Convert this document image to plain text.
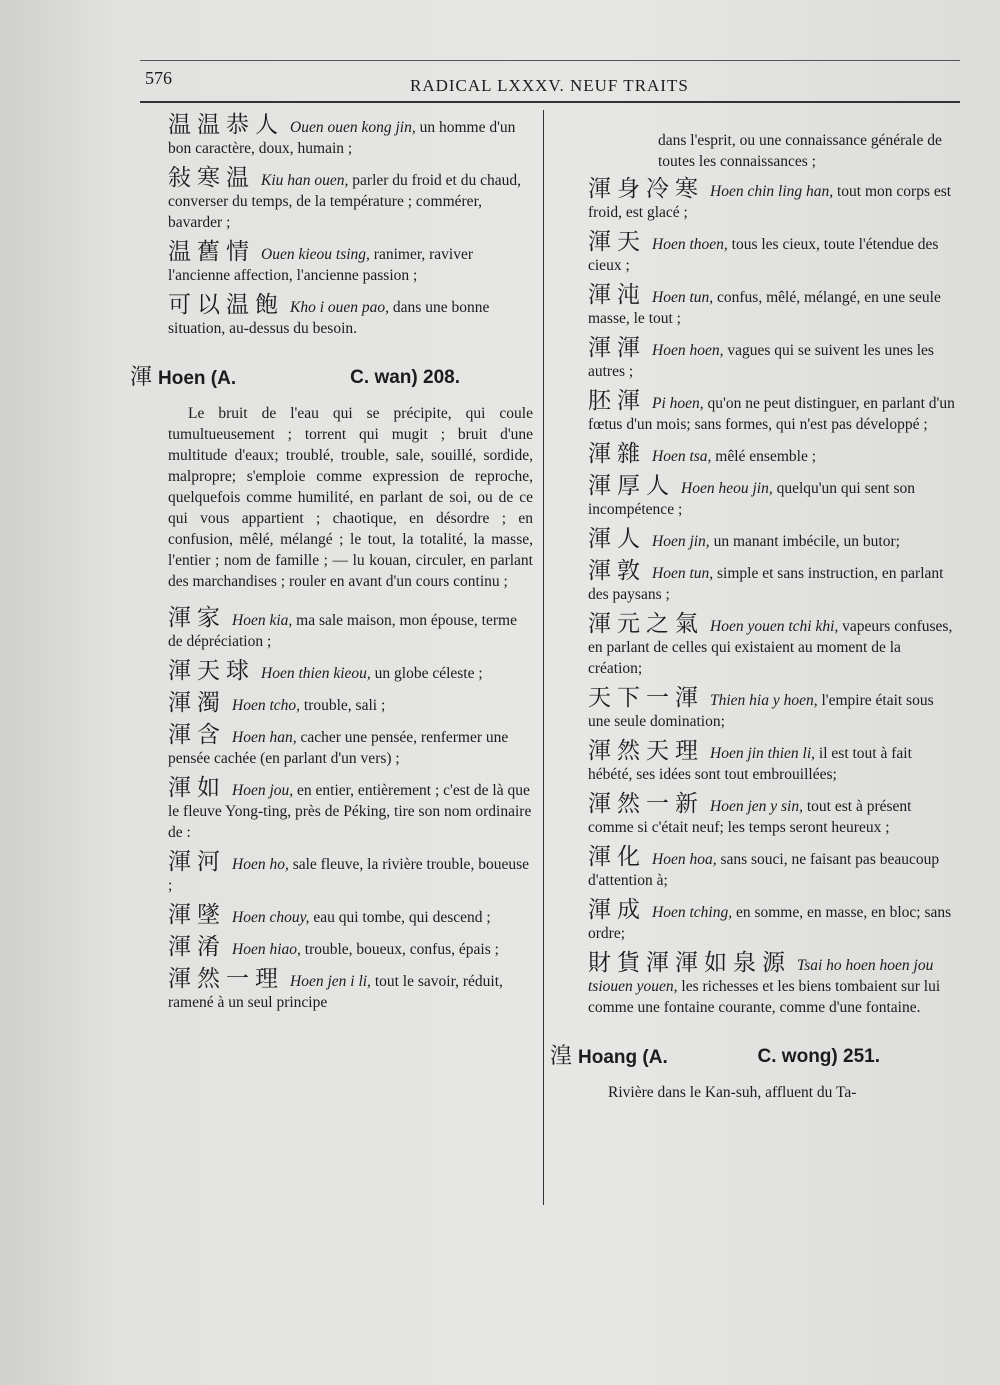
576	RADICAL LXXXV. NEUF TRAITS
温温恭人 Ouen ouen kong jin, un homme d'un bon caractère, doux, humain ;
敍寒温 Kiu han ouen, parler du froid et du chaud, converser du temps, de la température ; commérer, bavarder ;
温舊情 Ouen kieou tsing, ranimer, raviver l'ancienne affection, l'ancienne passion ;
可以温飽 Kho i ouen pao, dans une bonne situation, au-dessus du besoin.
渾 Hoen (A.	C. wan) 208.

Le bruit de l'eau qui se précipite, qui coule tumultueusement ; torrent qui mugit ; bruit d'une multitude d'eaux; troublé, trouble, sale, souillé, sordide, malpropre; s'emploie comme expression de reproche, quelquefois comme humilité, en parlant de soi, ou de ce qui vous appartient ; chaotique, en désordre ; en confusion, mêlé, mélangé ; le tout, la totalité, la masse, l'entier ; nom de famille ; — lu kouan, circuler, en parlant des marchandises ; rouler en avant d'un cours continu ;

渾家 Hoen kia, ma sale maison, mon épouse, terme de dépréciation ;
渾天球 Hoen thien kieou, un globe céleste ;
渾濁 Hoen tcho, trouble, sali ;
渾含 Hoen han, cacher une pensée, renfermer une pensée cachée (en parlant d'un vers) ;
渾如 Hoen jou, en entier, entièrement ; c'est de là que le fleuve Yong-ting, près de Péking, tire son nom ordinaire de :
渾河 Hoen ho, sale fleuve, la rivière trouble, boueuse ;
渾墜 Hoen chouy, eau qui tombe, qui descend ;
渾淆 Hoen hiao, trouble, boueux, confus, épais ;
渾然一理 Hoen jen i li, tout le savoir, réduit, ramené à un seul principe
dans l'esprit, ou une connaissance générale de toutes les connaissances ;
渾身冷寒 Hoen chin ling han, tout mon corps est froid, est glacé ;
渾天 Hoen thoen, tous les cieux, toute l'étendue des cieux ;
渾沌 Hoen tun, confus, mêlé, mélangé, en une seule masse, le tout ;
渾渾 Hoen hoen, vagues qui se suivent les unes les autres ;
胚渾 Pi hoen, qu'on ne peut distinguer, en parlant d'un fœtus d'un mois; sans formes, qui n'est pas développé ;
渾雜 Hoen tsa, mêlé ensemble ;
渾厚人 Hoen heou jin, quelqu'un qui sent son incompétence ;
渾人 Hoen jin, un manant imbécile, un butor;
渾敦 Hoen tun, simple et sans instruction, en parlant des paysans ;
渾元之氣 Hoen youen tchi khi, vapeurs confuses, en parlant de celles qui existaient au moment de la création;
天下一渾 Thien hia y hoen, l'empire était sous une seule domination;
渾然天理 Hoen jin thien li, il est tout à fait hébété, ses idées sont tout embrouillées;
渾然一新 Hoen jen y sin, tout est à présent comme si c'était neuf; les temps seront heureux ;
渾化 Hoen hoa, sans souci, ne faisant pas beaucoup d'attention à;
渾成 Hoen tching, en somme, en masse, en bloc; sans ordre;
財貨渾渾如泉源 Tsai ho hoen hoen jou tsiouen youen, les richesses et les biens tombaient sur lui comme une fontaine courante, comme d'une fontaine.
湟 Hoang (A.	C. wong) 251.

Rivière dans le Kan-suh, affluent du Ta-
